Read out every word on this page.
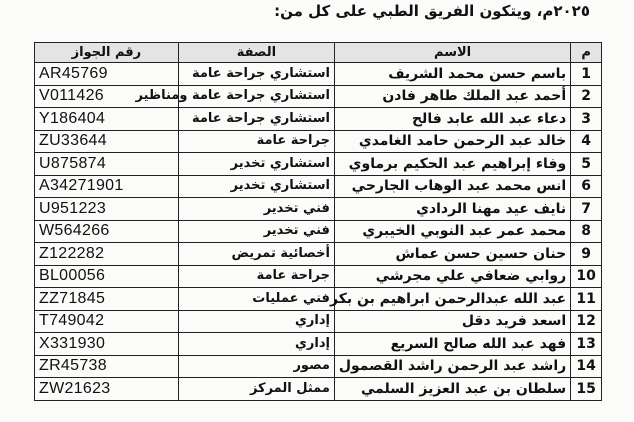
٢٠٢٥م، ويتكون الفريق الطبي على كل من:
م	الاسم	الصفة	رقم الجواز
1	باسم حسن محمد الشريف	استشاري جراحة عامة	AR45769
2	أحمد عبد الملك طاهر فادن	استشاري جراحة عامة ومناظير	V011426
3	دعاء عبد الله عابد فالح	استشاري جراحة عامة	Y186404
4	خالد عبد الرحمن حامد الغامدي	جراحة عامة	ZU33644
5	وفاء إبراهيم عبد الحكيم برماوي	استشاري تخدير	U875874
6	انس محمد عبد الوهاب الجارحي	استشاري تخدير	A34271901
7	نايف عيد مهنا الردادي	فني تخدير	U951223
8	محمد عمر عبد النوبي الخيبري	فني تخدير	W564266
9	حنان حسين حسن عماش	أخصائية تمريض	Z122282
10	روابي ضعافي علي مجرشي	جراحة عامة	BL00056
11	عبد الله عبدالرحمن ابراهيم بن بكر	فني عمليات	ZZ71845
12	اسعد فريد دقل	إداري	T749042
13	فهد عبد الله صالح السريع	إداري	X331930
14	راشد عبد الرحمن راشد القصمول	مصور	ZR45738
15	سلطان بن عبد العزيز السلمي	ممثل المركز	ZW21623
